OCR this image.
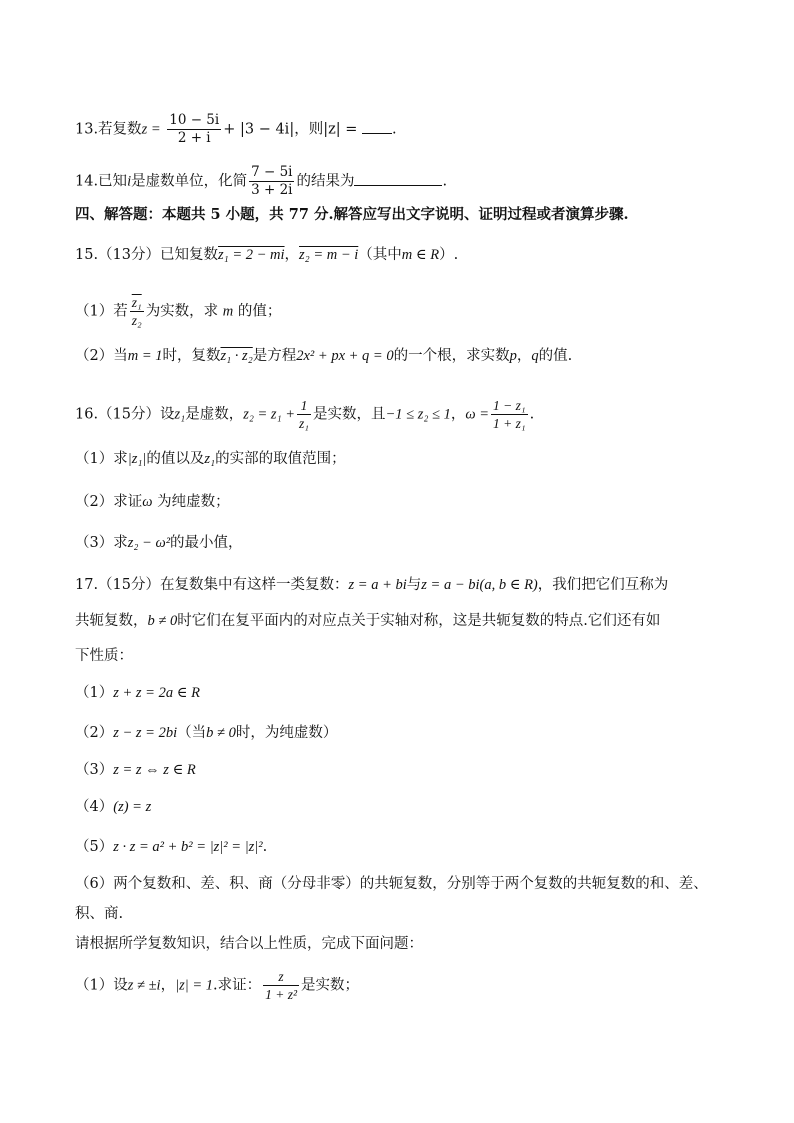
13.若复数$z = \frac{10 - 5i}{2 + i} + |3 - 4i|$，则|z| = .
14.已知i是虚数单位，化简 $\frac{7 - 5i}{3 + 2i}$ 的结果为	.
四、解答题：本题共 5 小题，共 77 分.解答应写出文字说明、证明过程或者演算步骤.
15.（13分）已知复数z₁ = 2 − mi，z₂ = m − i（其中m ∈ R）.
（1）若 $\frac{\text{z₁}}{\text{z₂}}$ 为实数，求 m 的值；
（2）当m = 1时，复数z₁ · z₂是方程2x² + px + q = 0的一个根，求实数p，q的值.
16.（15分）设z₁是虚数，$z_2 = z_1 + \frac{1}{\text{z₁}}$ 是实数，且−1 ≤ z₂ ≤ 1，$\omega = \frac{\text{1 − z₁}}{\text{1 + z₁}}$ .
（1）求|z₁|的值以及z₁的实部的取值范围；
（2）求证ω 为纯虚数；
（3）求z₂ − ω²的最小值，
17.（15分）在复数集中有这样一类复数：z = a + bi与z = a − bi(a, b ∈ R)，我们把它们互称为
共轭复数，b ≠ 0时它们在复平面内的对应点关于实轴对称，这是共轭复数的特点.它们还有如
下性质：
（1）z + z = 2a ∈ R
（2）z − z = 2bi（当b ≠ 0时，为纯虚数）
（3）z = z ⇔ z ∈ R
（4）(z) = z
（5）z · z = a² + b² = |z|² = |z|².
（6）两个复数和、差、积、商（分母非零）的共轭复数，分别等于两个复数的共轭复数的和、差、
积、商.
请根据所学复数知识，结合以上性质，完成下面问题：
（1）设z ≠ ±i，|z| = 1.求证： $\frac{z}{\text{1 + z²}}$ 是实数；
